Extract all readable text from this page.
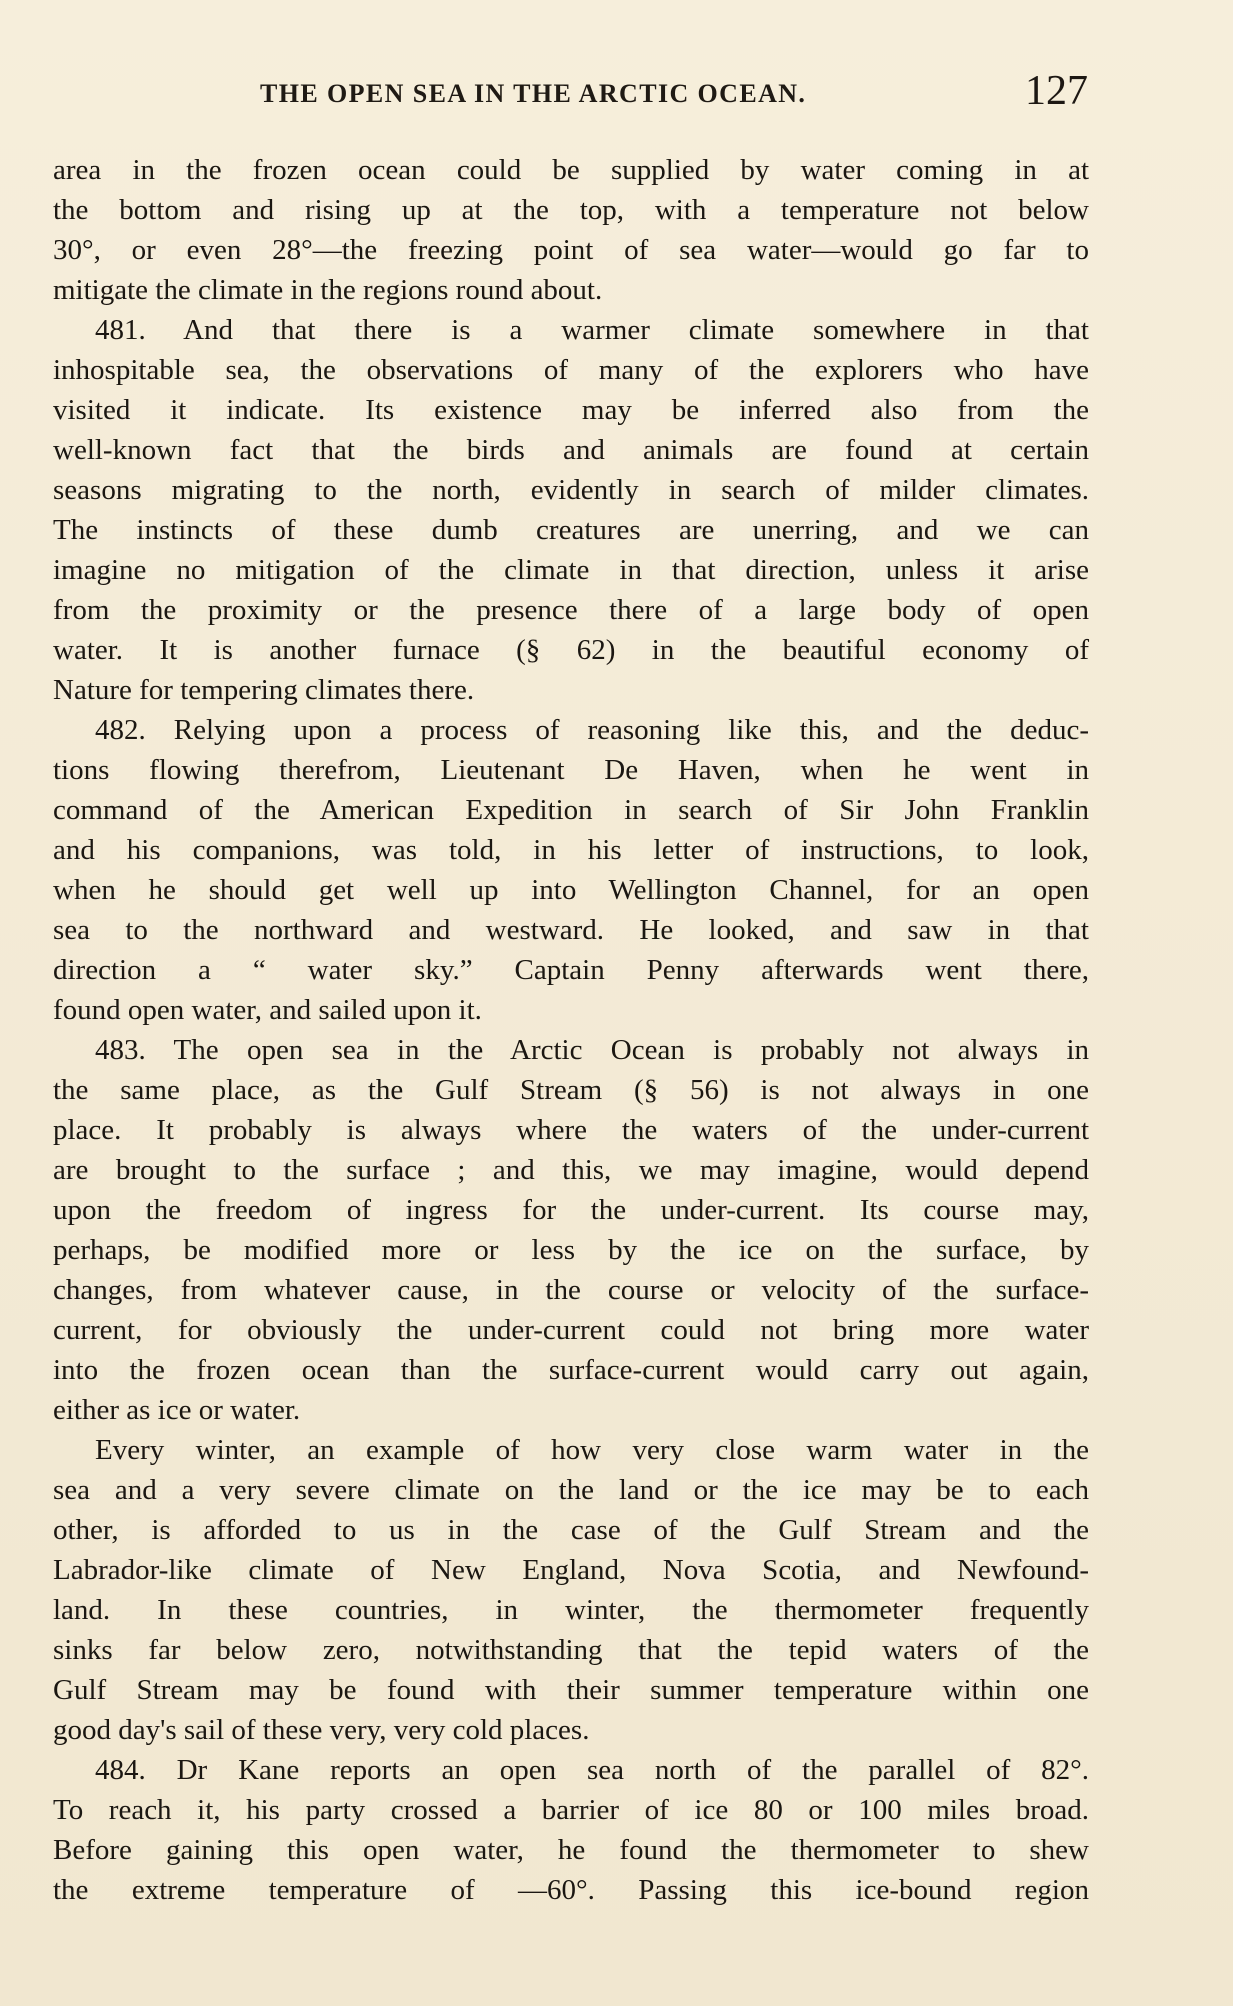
THE OPEN SEA IN THE ARCTIC OCEAN.	127
area in the frozen ocean could be supplied by water coming in at
the bottom and rising up at the top, with a temperature not below
30°, or even 28°—the freezing point of sea water—would go far to
mitigate the climate in the regions round about.
481. And that there is a warmer climate somewhere in that
inhospitable sea, the observations of many of the explorers who have
visited it indicate. Its existence may be inferred also from the
well-known fact that the birds and animals are found at certain
seasons migrating to the north, evidently in search of milder climates.
The instincts of these dumb creatures are unerring, and we can
imagine no mitigation of the climate in that direction, unless it arise
from the proximity or the presence there of a large body of open
water. It is another furnace (§ 62) in the beautiful economy of
Nature for tempering climates there.
482. Relying upon a process of reasoning like this, and the deduc-
tions flowing therefrom, Lieutenant De Haven, when he went in
command of the American Expedition in search of Sir John Franklin
and his companions, was told, in his letter of instructions, to look,
when he should get well up into Wellington Channel, for an open
sea to the northward and westward. He looked, and saw in that
direction a “ water sky.” Captain Penny afterwards went there,
found open water, and sailed upon it.
483. The open sea in the Arctic Ocean is probably not always in
the same place, as the Gulf Stream (§ 56) is not always in one
place. It probably is always where the waters of the under-current
are brought to the surface ; and this, we may imagine, would depend
upon the freedom of ingress for the under-current. Its course may,
perhaps, be modified more or less by the ice on the surface, by
changes, from whatever cause, in the course or velocity of the surface-
current, for obviously the under-current could not bring more water
into the frozen ocean than the surface-current would carry out again,
either as ice or water.
Every winter, an example of how very close warm water in the
sea and a very severe climate on the land or the ice may be to each
other, is afforded to us in the case of the Gulf Stream and the
Labrador-like climate of New England, Nova Scotia, and Newfound-
land. In these countries, in winter, the thermometer frequently
sinks far below zero, notwithstanding that the tepid waters of the
Gulf Stream may be found with their summer temperature within one
good day's sail of these very, very cold places.
484. Dr Kane reports an open sea north of the parallel of 82°.
To reach it, his party crossed a barrier of ice 80 or 100 miles broad.
Before gaining this open water, he found the thermometer to shew
the extreme temperature of —60°. Passing this ice-bound region
